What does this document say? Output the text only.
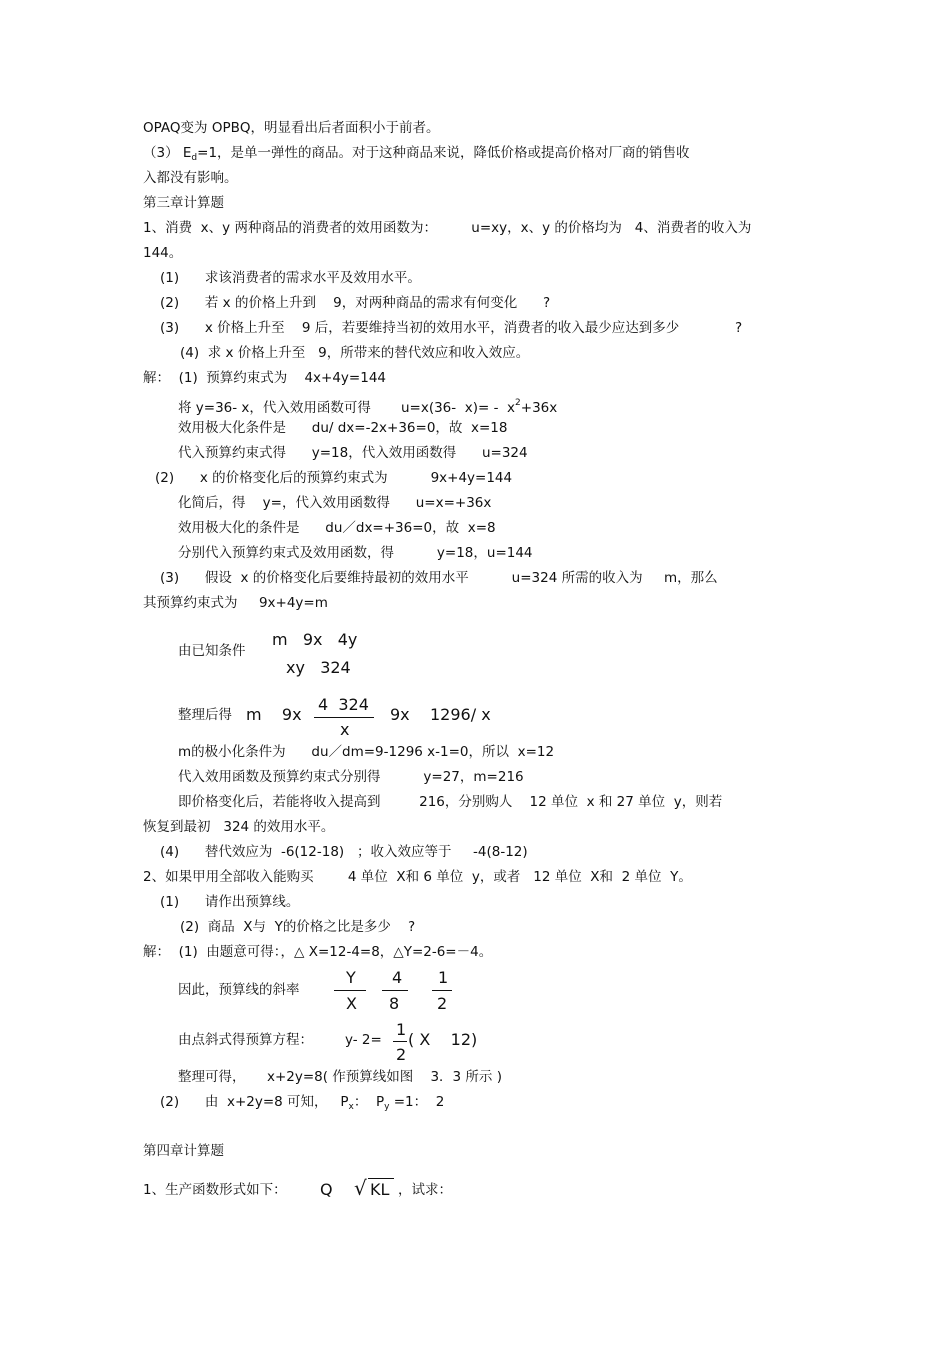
OPAQ变为 OPBQ，明显看出后者面积小于前者。
（3） $E_d=1$，是单一弹性的商品。对于这种商品来说，降低价格或提高价格对厂商的销售收
入都没有影响。
第三章计算题
1、消费  x、y 两种商品的消费者的效用函数为：        u=xy，x、y 的价格均为   4、消费者的收入为
144。
(1)      求该消费者的需求水平及效用水平。
(2)      若 x 的价格上升到    9，对两种商品的需求有何变化      ?
(3)      x 价格上升至    9 后，若要维持当初的效用水平，消费者的收入最少应达到多少             ?
(4)  求 x 价格上升至   9，所带来的替代效应和收入效应。
解：  (1)  预算约束式为    4x+4y=144
将 y=36- x，代入效用函数可得       u=x(36-  $x)= - x^2+36x$
效用极大化条件是      du/ dx=-2x+36=0，故  x=18
代入预算约束式得      y=18，代入效用函数得      u=324
(2)      x 的价格变化后的预算约束式为          9x+4y=144
化简后，得    y=，代入效用函数得      u=x=+36x
效用极大化的条件是      du／dx=+36=0，故  x=8
分别代入预算约束式及效用函数，得          y=18，u=144
(3)      假设  x 的价格变化后要维持最初的效用水平          u=324 所需的收入为     m，那么
其预算约束式为     9x+4y=m
由已知条件
m   9x   4y
xy   324
整理后得 m    9x
4  324
x
9x    1296/ x
m的极小化条件为      du／dm=9-1296 x-1=0，所以  x=12
代入效用函数及预算约束式分别得          y=27，m=216
即价格变化后，若能将收入提高到         216，分别购人    12 单位  x 和 27 单位  y，则若
恢复到最初   324 的效用水平。
(4)      替代效应为  -6(12-18)   ；收入效应等于     -4(8-12)
2、如果甲用全部收入能购买        4 单位  X和 6 单位  y，或者   12 单位  X和  2 单位  Y。
(1)      请作出预算线。
(2)  商品  X与  Y的价格之比是多少    ?
解：  (1)  由题意可得：，△ X=12-4=8，△Y=2-6=－4。
因此，预算线的斜率
Y
X
4
8
1
2
由点斜式得预算方程： y- 2=
1
2
( X    12)
整理可得，     x+2y=8( 作预算线如图    3．3 所示 )
(2)      由  x+2y=8 可知，   $P_x$：  $P_y =1$：  2
第四章计算题
1、生产函数形式如下： Q √ KL ，试求：
